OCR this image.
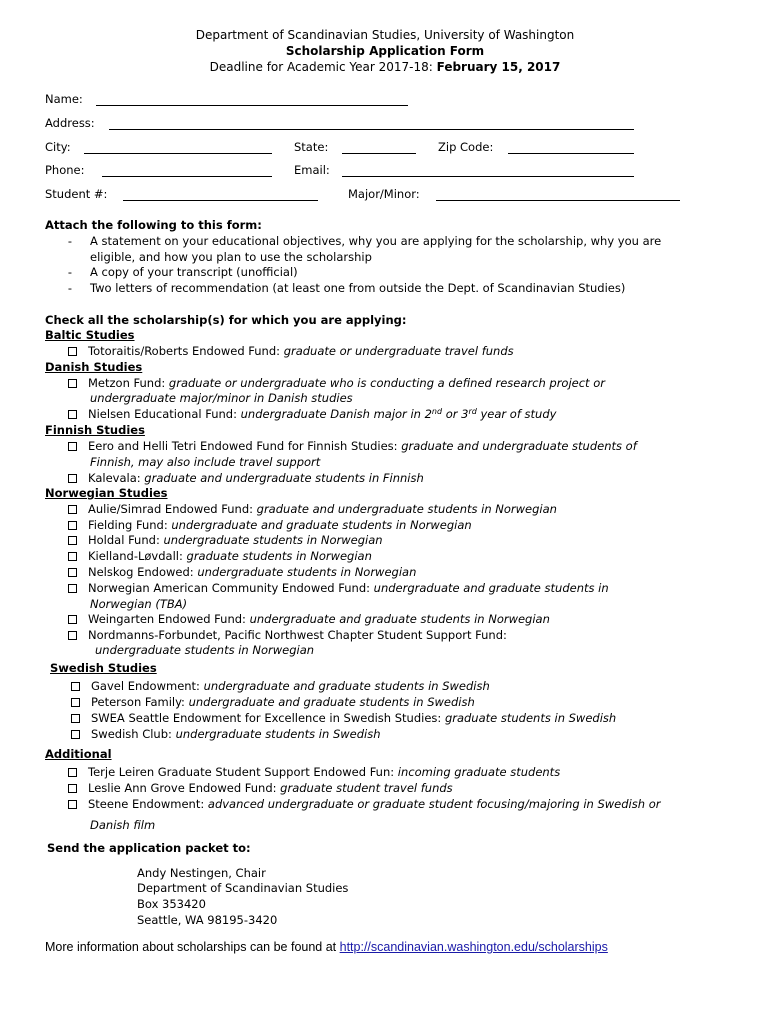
Department of Scandinavian Studies, University of Washington
Scholarship Application Form
Deadline for Academic Year 2017-18: February 15, 2017
Name:
Address:
City:	State:	Zip Code:
Phone:	Email:
Student #:	Major/Minor:
Attach the following to this form:
-	A statement on your educational objectives, why you are applying for the scholarship, why you are
eligible, and how you plan to use the scholarship
-	A copy of your transcript (unofficial)
-	Two letters of recommendation (at least one from outside the Dept. of Scandinavian Studies)
Check all the scholarship(s) for which you are applying:
Baltic Studies
Totoraitis/Roberts Endowed Fund: graduate or undergraduate travel funds
Danish Studies
Metzon Fund: graduate or undergraduate who is conducting a defined research project or
undergraduate major/minor in Danish studies
Nielsen Educational Fund: undergraduate Danish major in 2nd or 3rd year of study
Finnish Studies
Eero and Helli Tetri Endowed Fund for Finnish Studies: graduate and undergraduate students of
Finnish, may also include travel support
Kalevala: graduate and undergraduate students in Finnish
Norwegian Studies
Aulie/Simrad Endowed Fund: graduate and undergraduate students in Norwegian
Fielding Fund: undergraduate and graduate students in Norwegian
Holdal Fund: undergraduate students in Norwegian
Kielland-Løvdall: graduate students in Norwegian
Nelskog Endowed: undergraduate students in Norwegian
Norwegian American Community Endowed Fund: undergraduate and graduate students in
Norwegian (TBA)
Weingarten Endowed Fund: undergraduate and graduate students in Norwegian
Nordmanns-Forbundet, Pacific Northwest Chapter Student Support Fund:
undergraduate students in Norwegian
Swedish Studies
Gavel Endowment: undergraduate and graduate students in Swedish
Peterson Family: undergraduate and graduate students in Swedish
SWEA Seattle Endowment for Excellence in Swedish Studies: graduate students in Swedish
Swedish Club: undergraduate students in Swedish
Additional
Terje Leiren Graduate Student Support Endowed Fun: incoming graduate students
Leslie Ann Grove Endowed Fund: graduate student travel funds
Steene Endowment: advanced undergraduate or graduate student focusing/majoring in Swedish or
Danish film
Send the application packet to:
Andy Nestingen, Chair
Department of Scandinavian Studies
Box 353420
Seattle, WA 98195-3420
More information about scholarships can be found at http://scandinavian.washington.edu/scholarships
